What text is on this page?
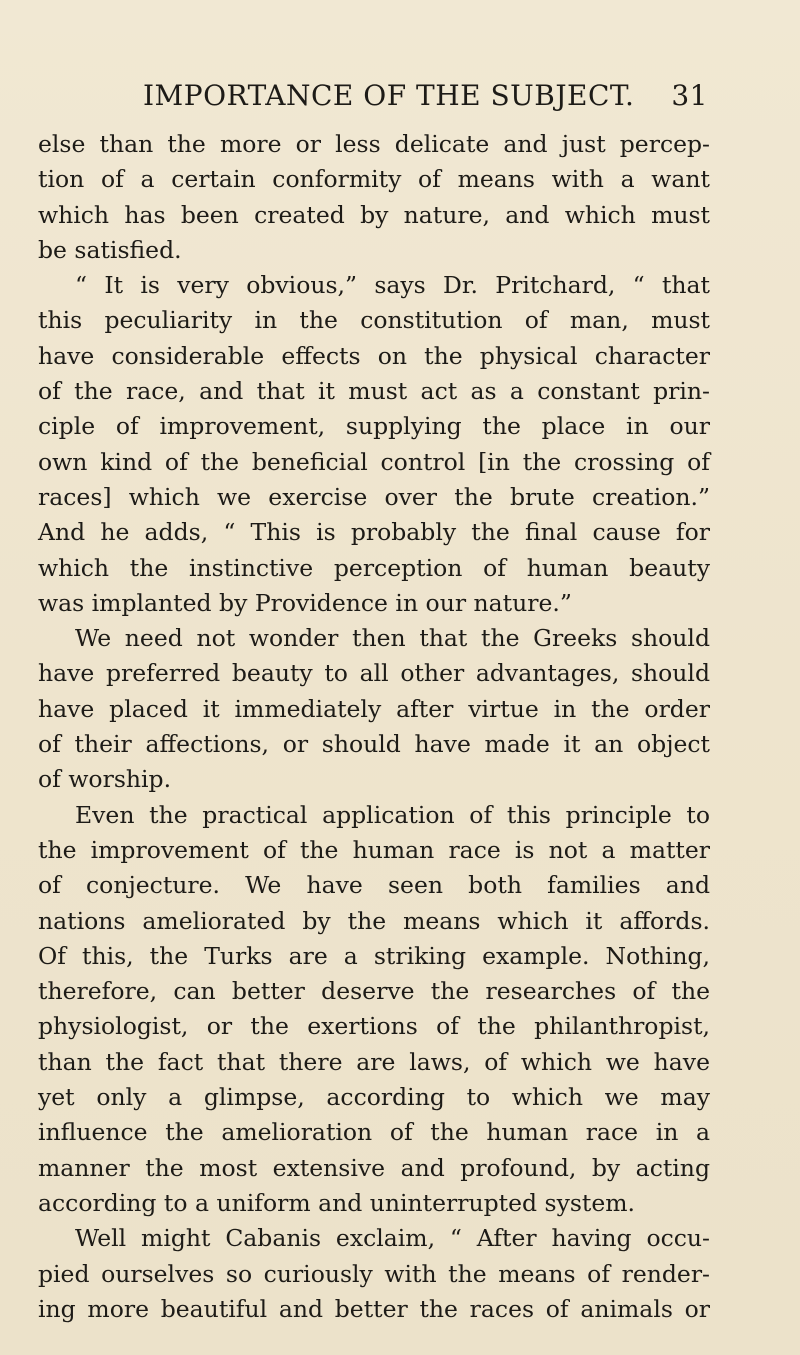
IMPORTANCE OF THE SUBJECT. 31
else than the more or less delicate and just percep-
tion of a certain conformity of means with a want
which has been created by nature, and which must
be satisfied.
“ It is very obvious,” says Dr. Pritchard, “ that
this peculiarity in the constitution of man, must
have considerable effects on the physical character
of the race, and that it must act as a constant prin-
ciple of improvement, supplying the place in our
own kind of the beneficial control [in the crossing of
races] which we exercise over the brute creation.”
And he adds, “ This is probably the final cause for
which the instinctive perception of human beauty
was implanted by Providence in our nature.”
We need not wonder then that the Greeks should
have preferred beauty to all other advantages, should
have placed it immediately after virtue in the order
of their affections, or should have made it an object
of worship.
Even the practical application of this principle to
the improvement of the human race is not a matter
of conjecture. We have seen both families and
nations ameliorated by the means which it affords.
Of this, the Turks are a striking example. Nothing,
therefore, can better deserve the researches of the
physiologist, or the exertions of the philanthropist,
than the fact that there are laws, of which we have
yet only a glimpse, according to which we may
influence the amelioration of the human race in a
manner the most extensive and profound, by acting
according to a uniform and uninterrupted system.
Well might Cabanis exclaim, “ After having occu-
pied ourselves so curiously with the means of render-
ing more beautiful and better the races of animals or
